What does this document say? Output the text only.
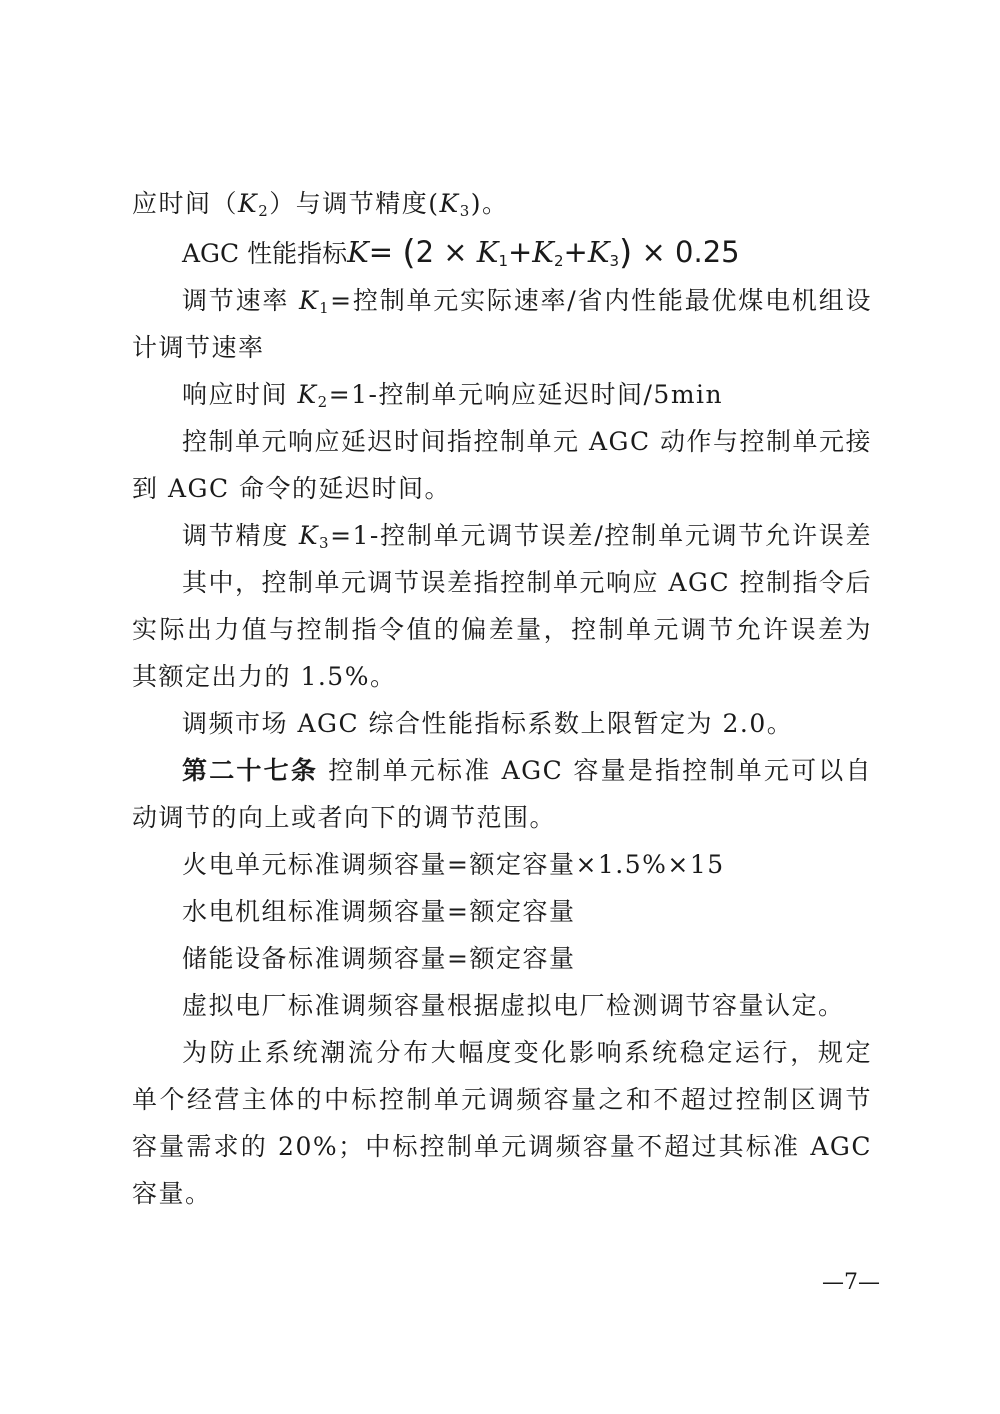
应时间$(K_2)$与调节精度$(K_3)$。
AGC 性能指标$K= (2 \times K_1+K_2+K_3) \times 0.25$
调节速率 $K_1=$控制单元实际速率/省内性能最优煤电机组设
计调节速率
响应时间 $K_2=1-$控制单元响应延迟时间/5min
控制单元响应延迟时间指控制单元 AGC 动作与控制单元接
到 AGC 命令的延迟时间。
调节精度 $K_3=1-$控制单元调节误差/控制单元调节允许误差
其中，控制单元调节误差指控制单元响应 AGC 控制指令后
实际出力值与控制指令值的偏差量，控制单元调节允许误差为
其额定出力的 1.5%。
调频市场 AGC 综合性能指标系数上限暂定为 2.0。
第二十七条 控制单元标准 AGC 容量是指控制单元可以自
动调节的向上或者向下的调节范围。
火电单元标准调频容量=额定容量×1.5%×15
水电机组标准调频容量=额定容量
储能设备标准调频容量=额定容量
虚拟电厂标准调频容量根据虚拟电厂检测调节容量认定。
为防止系统潮流分布大幅度变化影响系统稳定运行，规定
单个经营主体的中标控制单元调频容量之和不超过控制区调节
容量需求的 20%；中标控制单元调频容量不超过其标准 AGC
容量。
—7—
